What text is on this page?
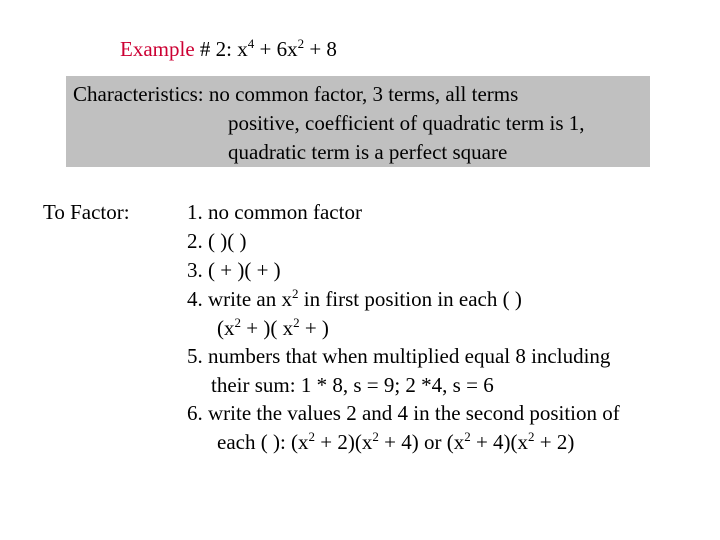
Example # 2: $x^4 + 6x^2 + 8$
Characteristics: no common factor, 3 terms, all terms
positive, coefficient of quadratic term is 1,
quadratic term is a perfect square
To Factor:	1. no common factor
2. ( )( )
3. ( + )( + )
4. write an $x^2$ in first position in each ( )
($x^2$ + )( $x^2$ + )
5. numbers that when multiplied equal 8 including
their sum: 1 * 8, s = 9; 2 *4, s = 6
6. write the values 2 and 4 in the second position of
each ( ): $(x^2 + 2)(x^2 + 4)$ or $(x^2 + 4)(x^2 + 2)$
